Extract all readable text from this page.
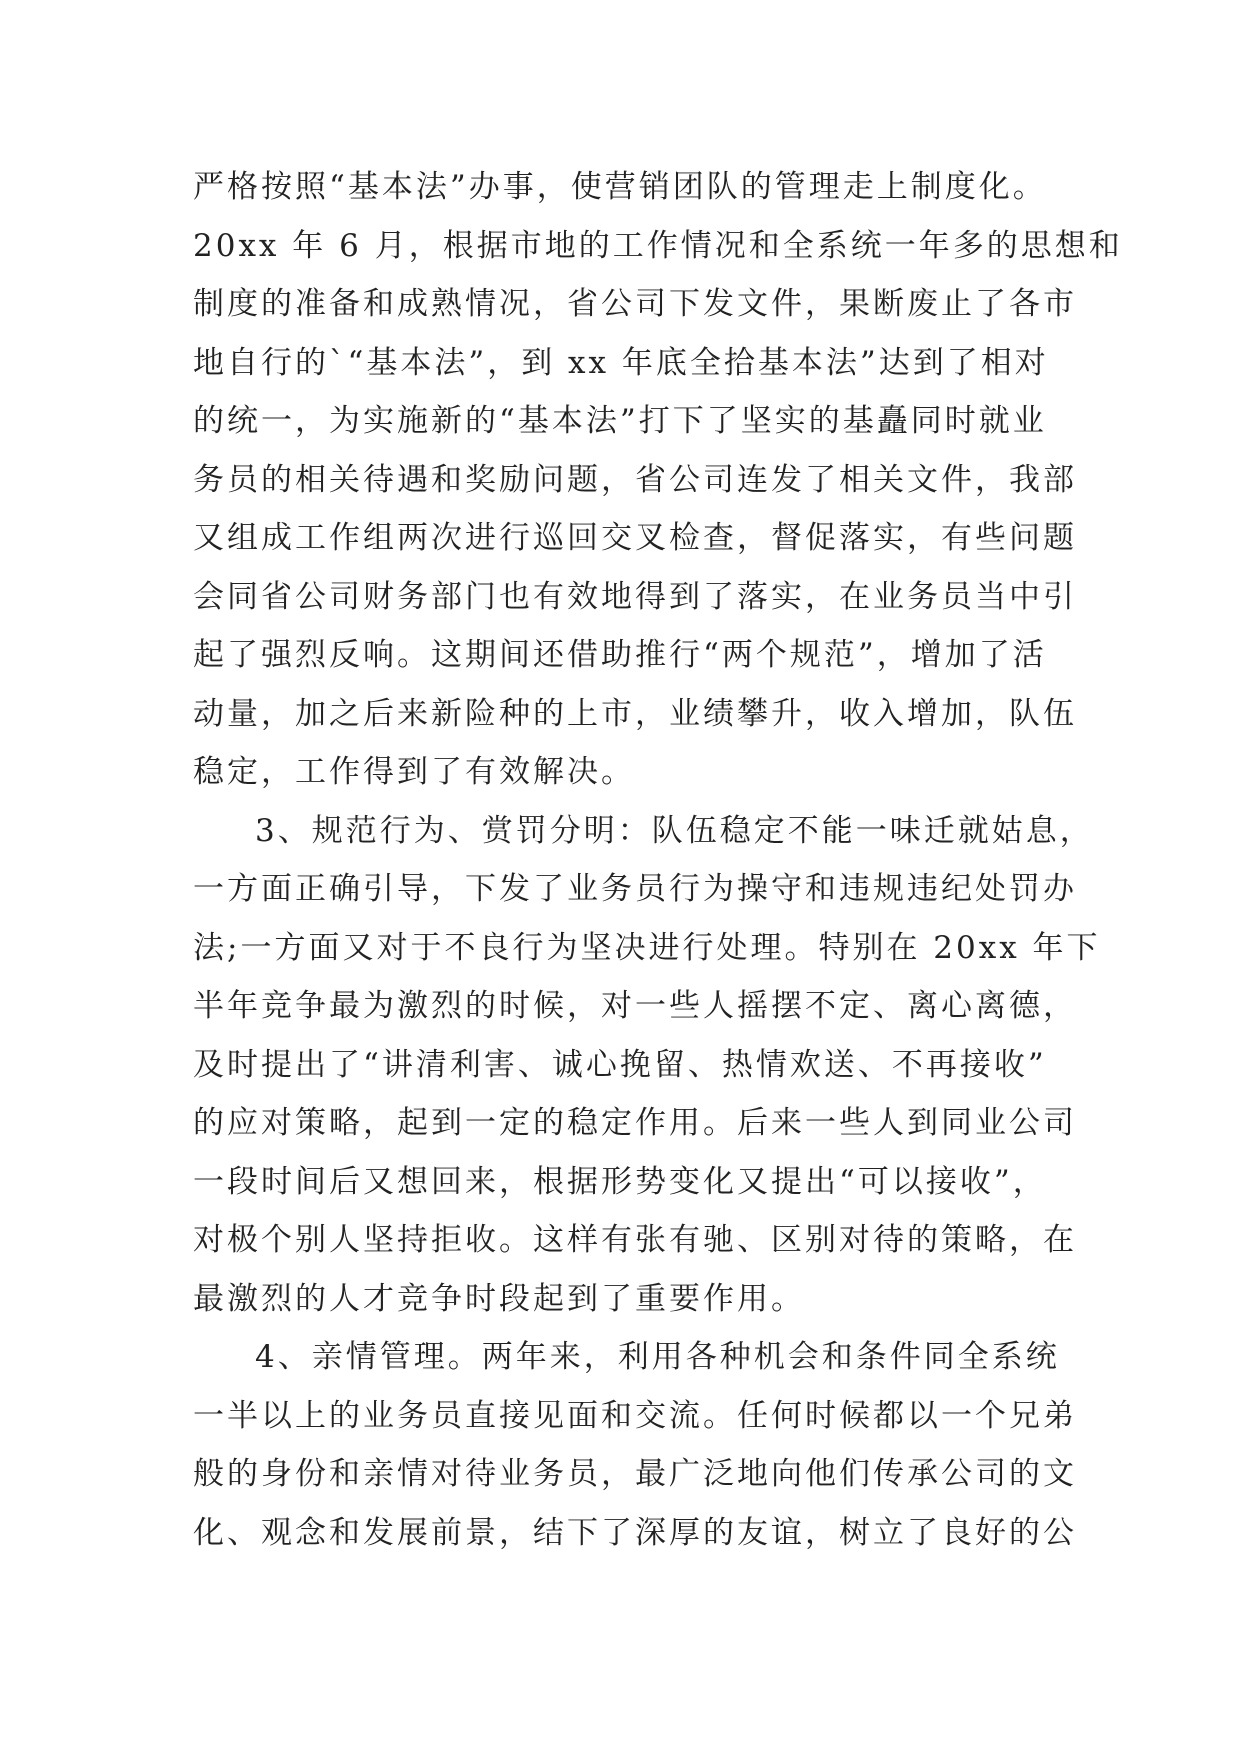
严格按照“基本法”办事，使营销团队的管理走上制度化。
20xx 年 6 月，根据市地的工作情况和全系统一年多的思想和
制度的准备和成熟情况，省公司下发文件，果断废止了各市
地自行的`“基本法”，到 xx 年底全拾基本法”达到了相对
的统一，为实施新的“基本法”打下了坚实的基矗同时就业
务员的相关待遇和奖励问题，省公司连发了相关文件，我部
又组成工作组两次进行巡回交叉检查，督促落实，有些问题
会同省公司财务部门也有效地得到了落实，在业务员当中引
起了强烈反响。这期间还借助推行“两个规范”，增加了活
动量，加之后来新险种的上市，业绩攀升，收入增加，队伍
稳定，工作得到了有效解决。
3、规范行为、赏罚分明：队伍稳定不能一味迁就姑息，
一方面正确引导，下发了业务员行为操守和违规违纪处罚办
法;一方面又对于不良行为坚决进行处理。特别在 20xx 年下
半年竞争最为激烈的时候，对一些人摇摆不定、离心离德，
及时提出了“讲清利害、诚心挽留、热情欢送、不再接收”
的应对策略，起到一定的稳定作用。后来一些人到同业公司
一段时间后又想回来，根据形势变化又提出“可以接收”，
对极个别人坚持拒收。这样有张有驰、区别对待的策略，在
最激烈的人才竞争时段起到了重要作用。
4、亲情管理。两年来，利用各种机会和条件同全系统
一半以上的业务员直接见面和交流。任何时候都以一个兄弟
般的身份和亲情对待业务员，最广泛地向他们传承公司的文
化、观念和发展前景，结下了深厚的友谊，树立了良好的公
